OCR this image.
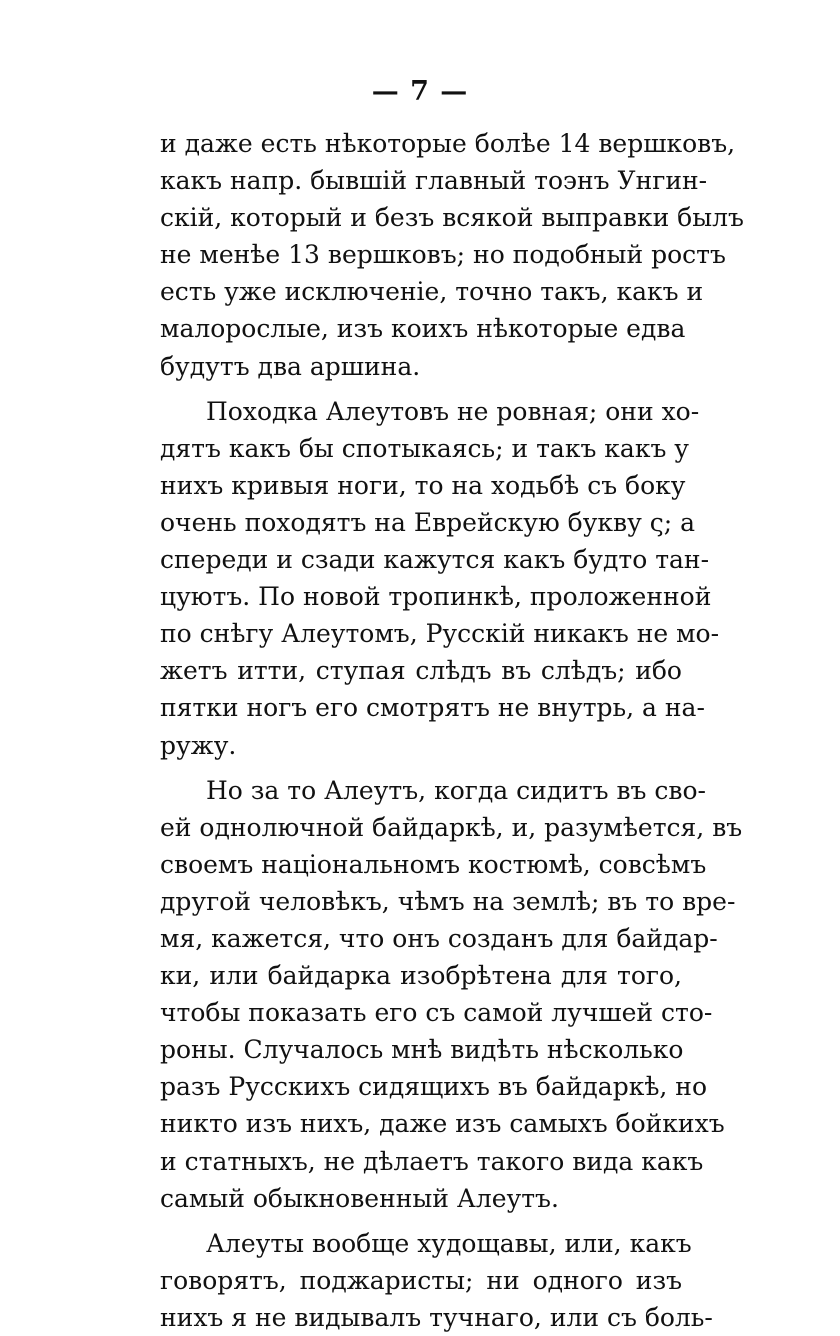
— 7 —
и даже есть нѣкоторые болѣе 14 вершковъ,
какъ напр. бывшій главный тоэнъ Унгин-
скій, который и безъ всякой выправки былъ
не менѣе 13 вершковъ; но подобный ростъ
есть уже исключеніе, точно такъ, какъ и
малорослые, изъ коихъ нѣкоторые едва
будутъ два аршина.
Походка Алеутовъ не ровная; они хо-
дятъ какъ бы спотыкаясь; и такъ какъ у
нихъ кривыя ноги, то на ходьбѣ съ боку
очень походятъ на Еврейскую букву ς; а
спереди и сзади кажутся какъ будто тан-
цуютъ. По новой тропинкѣ, проложенной
по снѣгу Алеутомъ, Русскій никакъ не мо-
жетъ итти, ступая слѣдъ въ слѣдъ; ибо
пятки ногъ его смотрятъ не внутрь, а на-
ружу.
Но за то Алеутъ, когда сидитъ въ сво-
ей однолючной байдаркѣ, и, разумѣется, въ
своемъ національномъ костюмѣ, совсѣмъ
другой человѣкъ, чѣмъ на землѣ; въ то вре-
мя, кажется, что онъ созданъ для байдар-
ки, или байдарка изобрѣтена для того,
чтобы показать его съ самой лучшей сто-
роны. Случалось мнѣ видѣть нѣсколько
разъ Русскихъ сидящихъ въ байдаркѣ, но
никто изъ нихъ, даже изъ самыхъ бойкихъ
и статныхъ, не дѣлаетъ такого вида какъ
самый обыкновенный Алеутъ.
Алеуты вообще худощавы, или, какъ
говорятъ, поджаристы; ни одного изъ
нихъ я не видывалъ тучнаго, или съ боль-
